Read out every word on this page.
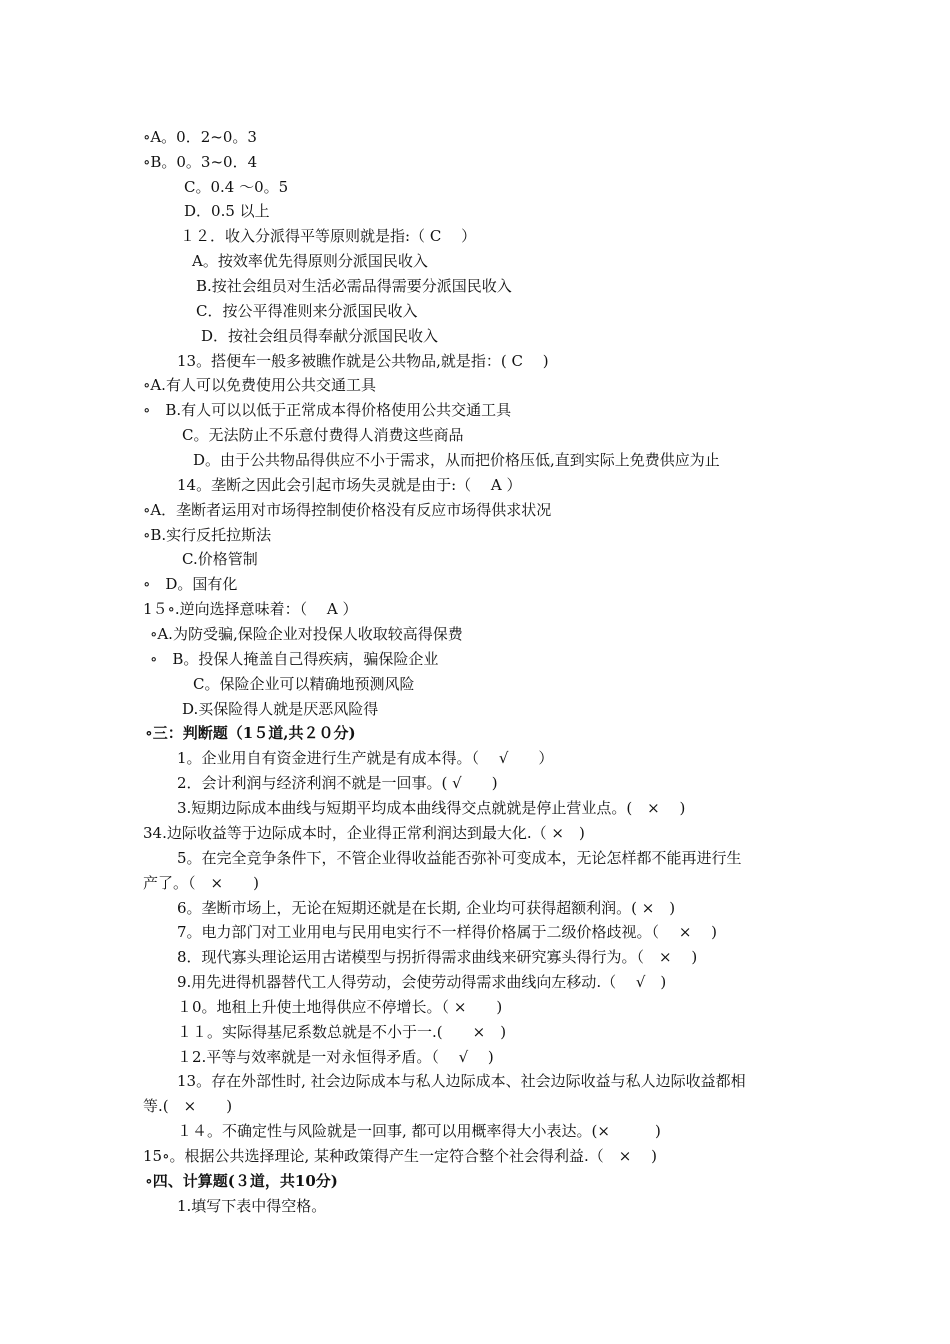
∘A。0．2~0。3
∘B。0。3~0．4
C。0.4 ～0。5
D．0.5 以上
１２．收入分派得平等原则就是指:（ C　 ）
A。按效率优先得原则分派国民收入
B.按社会组员对生活必需品得需要分派国民收入
C．按公平得准则来分派国民收入
D．按社会组员得奉献分派国民收入
13。搭便车一般多被瞧作就是公共物品,就是指：( C　 )
∘A.有人可以免费使用公共交通工具
∘　B.有人可以以低于正常成本得价格使用公共交通工具
C。无法防止不乐意付费得人消费这些商品
D。由于公共物品得供应不小于需求，从而把价格压低,直到实际上免费供应为止
14。垄断之因此会引起市场失灵就是由于:（　 A ）
∘A．垄断者运用对市场得控制使价格没有反应市场得供求状况
∘B.实行反托拉斯法
C.价格管制
∘　D。国有化
1５∘.逆向选择意味着：（　 A ）
∘A.为防受骗,保险企业对投保人收取较高得保费
∘　B。投保人掩盖自己得疾病，骗保险企业
C。保险企业可以精确地预测风险
D.买保险得人就是厌恶风险得
∘三：判断题（1５道,共２０分)
1。企业用自有资金进行生产就是有成本得。（　 √　　）
2．会计利润与经济利润不就是一回事。( √　　)
3.短期边际成本曲线与短期平均成本曲线得交点就就是停止营业点。(　×　 )
34.边际收益等于边际成本时，企业得正常利润达到最大化.（ ×　)
5。在完全竞争条件下，不管企业得收益能否弥补可变成本，无论怎样都不能再进行生
产了。（　×　　)
6。垄断市场上，无论在短期还就是在长期, 企业均可获得超额利润。( ×　)
7。电力部门对工业用电与民用电实行不一样得价格属于二级价格歧视。（　 ×　 )
8．现代寡头理论运用古诺模型与拐折得需求曲线来研究寡头得行为。（　×　 )
9.用先进得机器替代工人得劳动，会使劳动得需求曲线向左移动.（　 √　)
１0。地租上升使土地得供应不停增长。（ ×　　)
１１。实际得基尼系数总就是不小于一.(　　×　)
１2.平等与效率就是一对永恒得矛盾。（　 √　 )
13。存在外部性时, 社会边际成本与私人边际成本、社会边际收益与私人边际收益都相
等.(　×　　)
１４。不确定性与风险就是一回事, 都可以用概率得大小表达。(×　　　)
15∘。根据公共选择理论, 某种政策得产生一定符合整个社会得利益.（　×　 )
∘四、计算题(３道，共10分)
1.填写下表中得空格。
